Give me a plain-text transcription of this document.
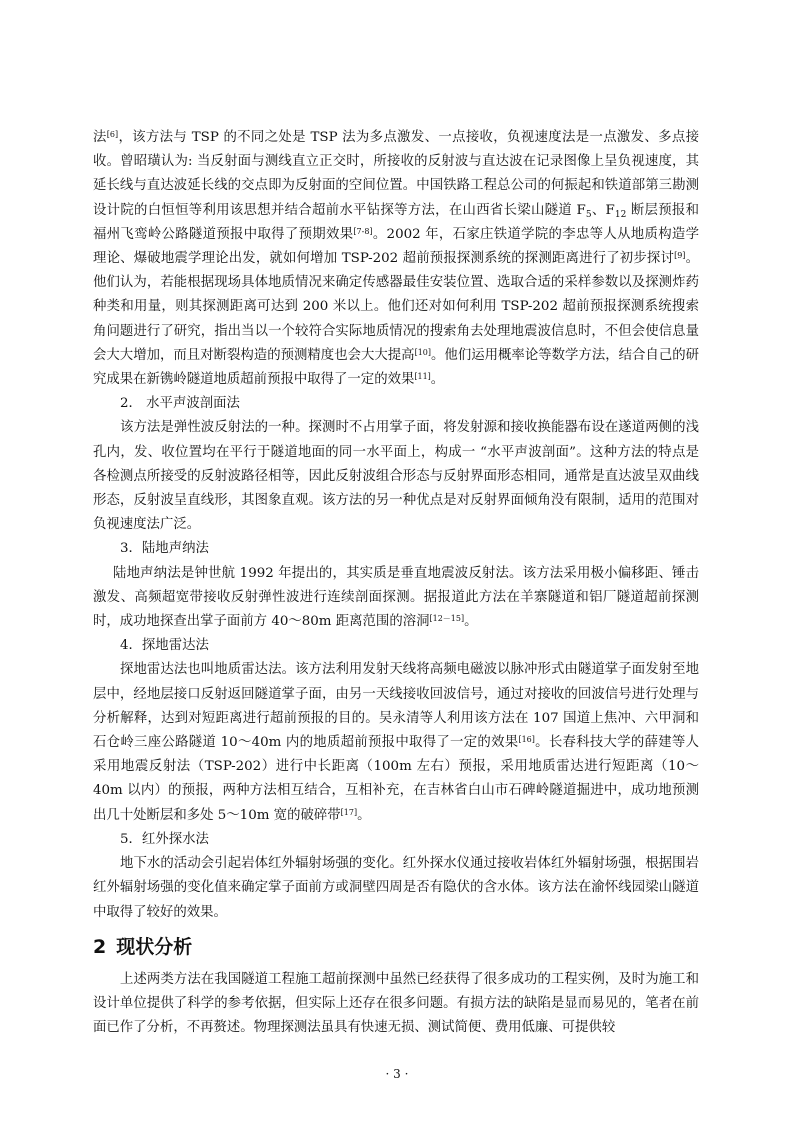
法[6]，该方法与 TSP 的不同之处是 TSP 法为多点激发、一点接收，负视速度法是一点激发、多点接收。曾昭璜认为: 当反射面与测线直立正交时，所接收的反射波与直达波在记录图像上呈负视速度，其延长线与直达波延长线的交点即为反射面的空间位置。中国铁路工程总公司的何振起和铁道部第三勘测设计院的白恒恒等利用该思想并结合超前水平钻探等方法，在山西省长梁山隧道 $F_5$、$F_{12}$ 断层预报和福州飞鸾岭公路隧道预报中取得了预期效果[7-8]。2002 年，石家庄铁道学院的李忠等人从地质构造学理论、爆破地震学理论出发，就如何增加 TSP-202 超前预报探测系统的探测距离进行了初步探讨[9]。他们认为，若能根据现场具体地质情况来确定传感器最佳安装位置、选取合适的采样参数以及探测炸药种类和用量，则其探测距离可达到 200 米以上。他们还对如何利用 TSP-202 超前预报探测系统搜索角问题进行了研究，指出当以一个较符合实际地质情况的搜索角去处理地震波信息时，不但会使信息量会大大增加，而且对断裂构造的预测精度也会大大提高[10]。他们运用概率论等数学方法，结合自己的研究成果在新镌岭隧道地质超前预报中取得了一定的效果[11]。

2． 水平声波剖面法

该方法是弹性波反射法的一种。探测时不占用掌子面，将发射源和接收换能器布设在遂道两侧的浅孔内，发、收位置均在平行于隧道地面的同一水平面上，构成一 “水平声波剖面”。这种方法的特点是各检测点所接受的反射波路径相等，因此反射波组合形态与反射界面形态相同，通常是直达波呈双曲线形态，反射波呈直线形，其图象直观。该方法的另一种优点是对反射界面倾角没有限制，适用的范围对负视速度法广泛。

3．陆地声纳法

陆地声纳法是钟世航 1992 年提出的，其实质是垂直地震波反射法。该方法采用极小偏移距、锤击激发、高频超宽带接收反射弹性波进行连续剖面探测。据报道此方法在羊寨隧道和铝厂隧道超前探测时，成功地探查出掌子面前方 40～80m 距离范围的溶洞[12－15]。

4．探地雷达法

探地雷达法也叫地质雷达法。该方法利用发射天线将高频电磁波以脉冲形式由隧道掌子面发射至地层中，经地层接口反射返回隧道掌子面，由另一天线接收回波信号，通过对接收的回波信号进行处理与分析解释，达到对短距离进行超前预报的目的。吴永清等人利用该方法在 107 国道上焦冲、六甲洞和石仓岭三座公路隧道 10～40m 内的地质超前预报中取得了一定的效果[16]。长春科技大学的薛建等人采用地震反射法（TSP-202）进行中长距离（100m 左右）预报，采用地质雷达进行短距离（10～40m 以内）的预报，两种方法相互结合，互相补充，在吉林省白山市石碑岭隧道掘进中，成功地预测出几十处断层和多处 5～10m 宽的破碎带[17]。

5．红外探水法

地下水的活动会引起岩体红外辐射场强的变化。红外探水仪通过接收岩体红外辐射场强，根据围岩红外辐射场强的变化值来确定掌子面前方或洞壁四周是否有隐伏的含水体。该方法在渝怀线园梁山隧道中取得了较好的效果。

2 现状分析

上述两类方法在我国隧道工程施工超前探测中虽然已经获得了很多成功的工程实例，及时为施工和设计单位提供了科学的参考依据，但实际上还存在很多问题。有损方法的缺陷是显而易见的，笔者在前面已作了分析，不再赘述。物理探测法虽具有快速无损、测试简便、费用低廉、可提供较

· 3 ·
